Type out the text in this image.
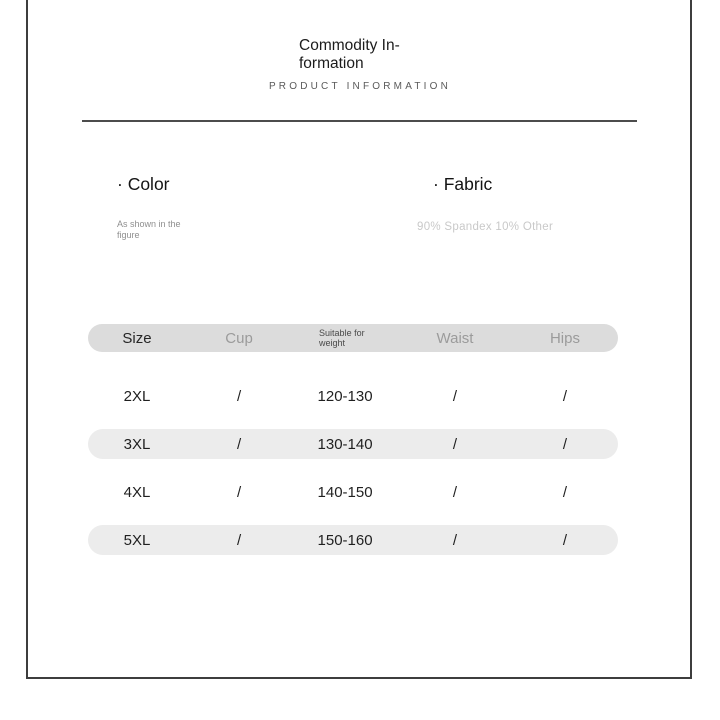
Commodity In-
formation
PRODUCT INFORMATION
· Color
As shown in the figure
· Fabric
90% Spandex 10% Other
Size	Cup	Suitable for weight	Waist	Hips
2XL	/	120-130	/	/
3XL	/	130-140	/	/
4XL	/	140-150	/	/
5XL	/	150-160	/	/
